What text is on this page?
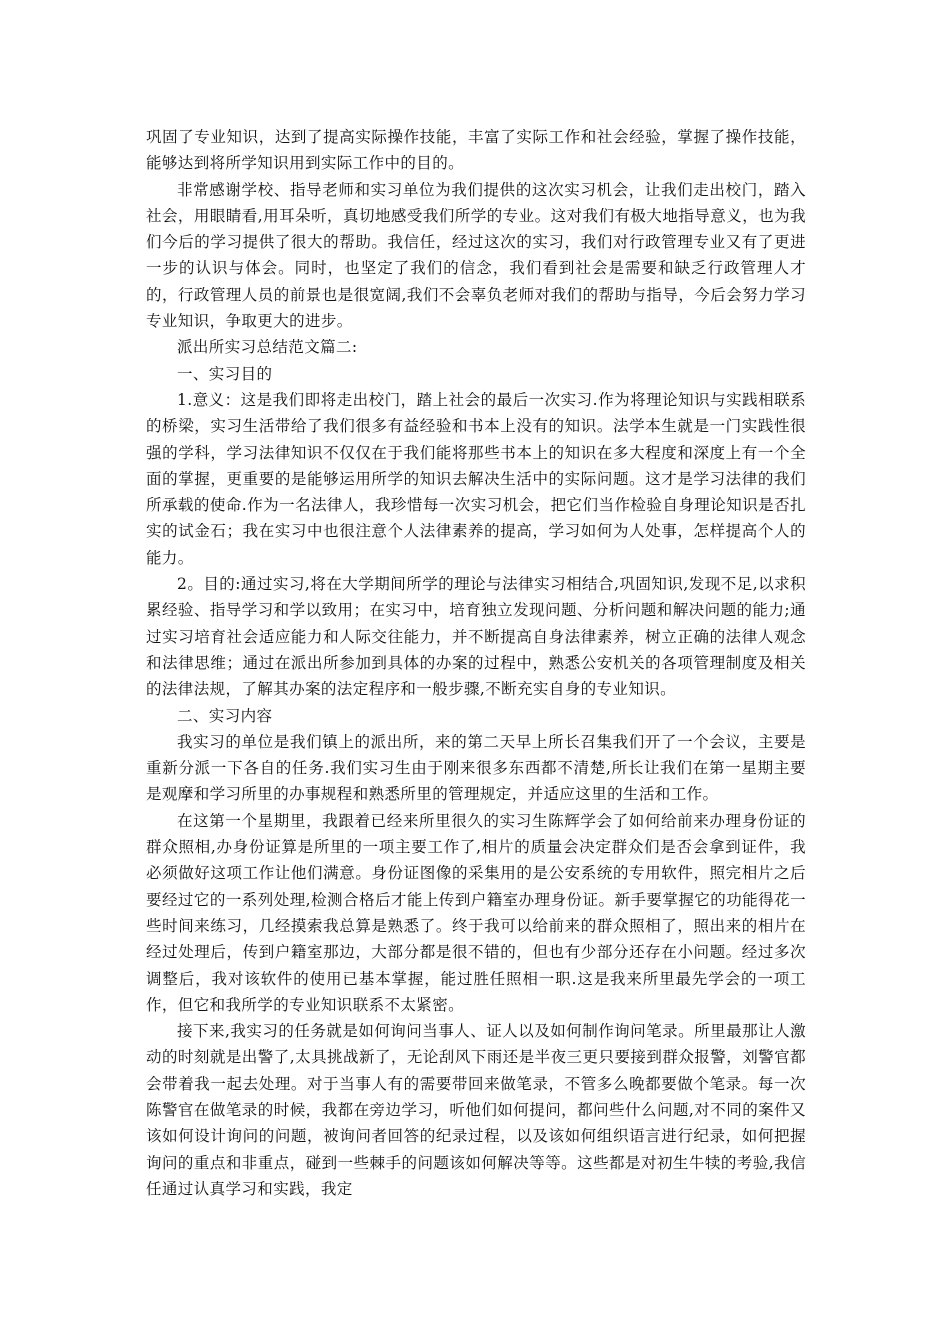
巩固了专业知识，达到了提高实际操作技能，丰富了实际工作和社会经验，掌握了操作技能，能够达到将所学知识用到实际工作中的目的。

非常感谢学校、指导老师和实习单位为我们提供的这次实习机会，让我们走出校门，踏入社会，用眼睛看,用耳朵听，真切地感受我们所学的专业。这对我们有极大地指导意义，也为我们今后的学习提供了很大的帮助。我信任，经过这次的实习，我们对行政管理专业又有了更进一步的认识与体会。同时，也坚定了我们的信念，我们看到社会是需要和缺乏行政管理人才的，行政管理人员的前景也是很宽阔,我们不会辜负老师对我们的帮助与指导，今后会努力学习专业知识，争取更大的进步。

派出所实习总结范文篇二:

一、实习目的

1.意义：这是我们即将走出校门，踏上社会的最后一次实习.作为将理论知识与实践相联系的桥梁，实习生活带给了我们很多有益经验和书本上没有的知识。法学本生就是一门实践性很强的学科，学习法律知识不仅仅在于我们能将那些书本上的知识在多大程度和深度上有一个全面的掌握，更重要的是能够运用所学的知识去解决生活中的实际问题。这才是学习法律的我们所承载的使命.作为一名法律人，我珍惜每一次实习机会，把它们当作检验自身理论知识是否扎实的试金石；我在实习中也很注意个人法律素养的提高，学习如何为人处事，怎样提高个人的能力。

2。目的:通过实习,将在大学期间所学的理论与法律实习相结合,巩固知识,发现不足,以求积累经验、指导学习和学以致用；在实习中，培育独立发现问题、分析问题和解决问题的能力;通过实习培育社会适应能力和人际交往能力，并不断提高自身法律素养，树立正确的法律人观念和法律思维；通过在派出所参加到具体的办案的过程中，熟悉公安机关的各项管理制度及相关的法律法规，了解其办案的法定程序和一般步骤,不断充实自身的专业知识。

二、实习内容

我实习的单位是我们镇上的派出所，来的第二天早上所长召集我们开了一个会议，主要是重新分派一下各自的任务.我们实习生由于刚来很多东西都不清楚,所长让我们在第一星期主要是观摩和学习所里的办事规程和熟悉所里的管理规定，并适应这里的生活和工作。

在这第一个星期里，我跟着已经来所里很久的实习生陈辉学会了如何给前来办理身份证的群众照相,办身份证算是所里的一项主要工作了,相片的质量会决定群众们是否会拿到证件，我必须做好这项工作让他们满意。身份证图像的采集用的是公安系统的专用软件，照完相片之后要经过它的一系列处理,检测合格后才能上传到户籍室办理身份证。新手要掌握它的功能得花一些时间来练习，几经摸索我总算是熟悉了。终于我可以给前来的群众照相了，照出来的相片在经过处理后，传到户籍室那边，大部分都是很不错的，但也有少部分还存在小问题。经过多次调整后，我对该软件的使用已基本掌握，能过胜任照相一职.这是我来所里最先学会的一项工作，但它和我所学的专业知识联系不太紧密。

接下来,我实习的任务就是如何询问当事人、证人以及如何制作询问笔录。所里最那让人激动的时刻就是出警了,太具挑战新了，无论刮风下雨还是半夜三更只要接到群众报警，刘警官都会带着我一起去处理。对于当事人有的需要带回来做笔录，不管多么晚都要做个笔录。每一次陈警官在做笔录的时候，我都在旁边学习，听他们如何提问，都问些什么问题,对不同的案件又该如何设计询问的问题，被询问者回答的纪录过程，以及该如何组织语言进行纪录，如何把握询问的重点和非重点，碰到一些棘手的问题该如何解决等等。这些都是对初生牛犊的考验,我信任通过认真学习和实践，我定
